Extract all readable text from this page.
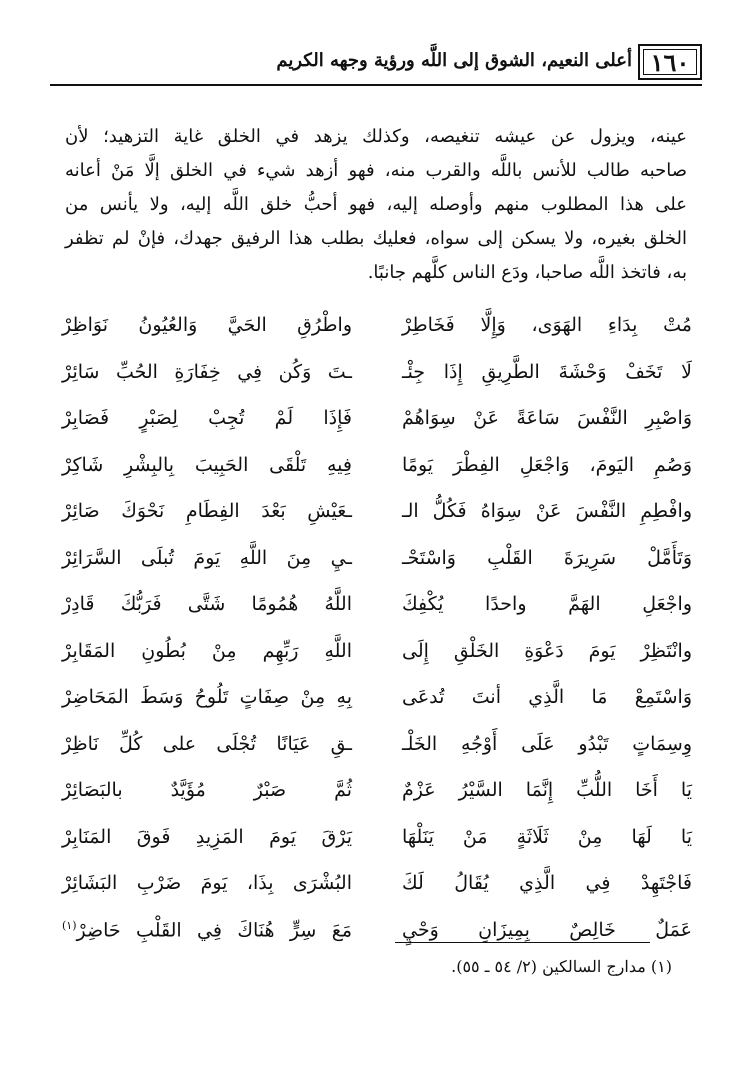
١٦٠
أعلى النعيم، الشوق إلى اللَّه ورؤية وجهه الكريم
عينه، ويزول عن عيشه تنغيصه، وكذلك يزهد في الخلق غاية التزهيد؛ لأن
صاحبه طالب للأنس باللَّه والقرب منه، فهو أزهد شيء في الخلق إلَّا مَنْ أعانه
على هذا المطلوب منهم وأوصله إليه، فهو أحبُّ خلق اللَّه إليه، ولا يأنس من
الخلق بغيره، ولا يسكن إلى سواه، فعليك بطلب هذا الرفيق جهدك، فإنْ لم تظفر
به، فاتخذ اللَّه صاحبا، ودَع الناس كلَّهم جانبًا.
مُتْ بِدَاءِ الهَوَى، وَإِلَّا فَخَاطِرْ
واطْرُقِ الحَيَّ وَالعُيُونُ نَوَاظِرْ
لَا تَخَفْ وَحْشَةَ الطَّرِيقِ إِذَا جِئْـ
ـتَ وَكُن فِي خِفَارَةِ الحُبِّ سَائِرْ
وَاصْبِرِ النَّفْسَ سَاعَةً عَنْ سِوَاهُمْ
فَإِذَا لَمْ تُجِبْ لِصَبْرٍ فَصَابِرْ
وَصُمِ اليَومَ، وَاجْعَلِ الفِطْرَ يَومًا
فِيهِ تَلْقَى الحَبِيبَ بِالبِشْرِ شَاكِرْ
وافْطِمِ النَّفْسَ عَنْ سِوَاهُ فَكُلُّ الـ
ـعَيْشِ بَعْدَ الفِطَامِ نَحْوَكَ صَائِرْ
وَتَأَمَّلْ سَرِيرَةَ القَلْبِ وَاسْتَحْـ
ـيِ مِنَ اللَّهِ يَومَ تُبلَى السَّرَائِرْ
واجْعَلِ الهَمَّ واحدًا يُكْفِكَ
اللَّهُ هُمُومًا شَتَّى فَرَبُّكَ قَادِرْ
وانْتَظِرْ يَومَ دَعْوَةِ الخَلْقِ إِلَى
اللَّهِ رَبِّهِم مِنْ بُطُونِ المَقَابِرْ
وَاسْتَمِعْ مَا الَّذِي أنتَ تُدعَى
بِهِ مِنْ صِفَاتٍ تَلُوحُ وَسَطَ المَحَاضِرْ
وِسِمَاتٍ تَبْدُو عَلَى أَوْجُهِ الخَلْـ
ـقِ عَيَانًا تُجْلَى على كُلِّ نَاظِرْ
يَا أَخَا اللُّبِّ إِنَّمَا السَّيْرُ عَزْمٌ
ثُمَّ صَبْرٌ مُؤَيَّدٌ بالبَصَائِرْ
يَا لَهَا مِنْ ثَلَاثَةٍ مَنْ يَنَلْهَا
يَرْقَ يَومَ المَزِيدِ فَوقَ المَنَابِرْ
فَاجْتَهِدْ فِي الَّذِي يُقَالُ لَكَ
البُشْرَى بِذَا، يَومَ ضَرْبِ البَشَائِرْ
عَمَلٌ خَالِصٌ بِمِيزَانِ وَحْيٍ
مَعَ سِرٍّ هُنَاكَ فِي القَلْبِ حَاضِرْ$^{(١)}$
(١) مدارج السالكين (٢/ ٥٤ ـ ٥٥).
